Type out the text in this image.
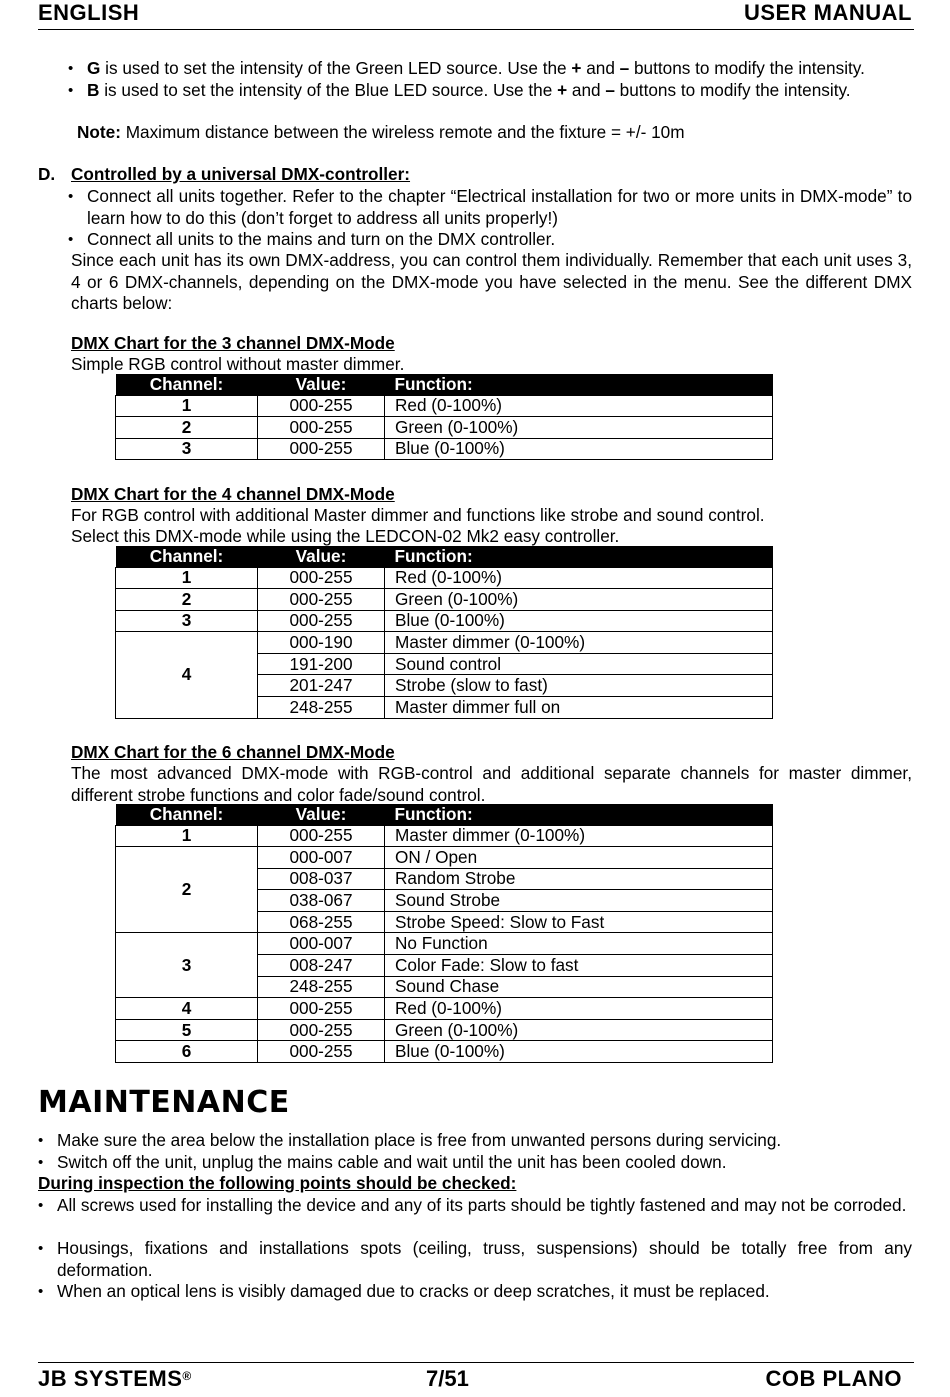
ENGLISH	USER MANUAL
• G is used to set the intensity of the Green LED source. Use the + and – buttons to modify the intensity.
• B is used to set the intensity of the Blue LED source. Use the + and – buttons to modify the intensity.
Note: Maximum distance between the wireless remote and the fixture = +/- 10m
D. Controlled by a universal DMX-controller:
• Connect all units together. Refer to the chapter “Electrical installation for two or more units in DMX-mode” to learn how to do this (don’t forget to address all units properly!)
• Connect all units to the mains and turn on the DMX controller.
Since each unit has its own DMX-address, you can control them individually. Remember that each unit uses 3, 4 or 6 DMX-channels, depending on the DMX-mode you have selected in the menu. See the different DMX charts below:
DMX Chart for the 3 channel DMX-Mode
Simple RGB control without master dimmer.
Channel:	Value:	Function:
1	000-255	Red (0-100%)
2	000-255	Green (0-100%)
3	000-255	Blue (0-100%)
DMX Chart for the 4 channel DMX-Mode
For RGB control with additional Master dimmer and functions like strobe and sound control.
Select this DMX-mode while using the LEDCON-02 Mk2 easy controller.
Channel:	Value:	Function:
1	000-255	Red (0-100%)
2	000-255	Green (0-100%)
3	000-255	Blue (0-100%)
4	000-190	Master dimmer (0-100%)
	191-200	Sound control
	201-247	Strobe (slow to fast)
	248-255	Master dimmer full on
DMX Chart for the 6 channel DMX-Mode
The most advanced DMX-mode with RGB-control and additional separate channels for master dimmer, different strobe functions and color fade/sound control.
Channel:	Value:	Function:
1	000-255	Master dimmer (0-100%)
2	000-007	ON / Open
	008-037	Random Strobe
	038-067	Sound Strobe
	068-255	Strobe Speed: Slow to Fast
3	000-007	No Function
	008-247	Color Fade: Slow to fast
	248-255	Sound Chase
4	000-255	Red (0-100%)
5	000-255	Green (0-100%)
6	000-255	Blue (0-100%)
MAINTENANCE
• Make sure the area below the installation place is free from unwanted persons during servicing.
• Switch off the unit, unplug the mains cable and wait until the unit has been cooled down.
During inspection the following points should be checked:
• All screws used for installing the device and any of its parts should be tightly fastened and may not be corroded.
• Housings, fixations and installations spots (ceiling, truss, suspensions) should be totally free from any deformation.
• When an optical lens is visibly damaged due to cracks or deep scratches, it must be replaced.
JB SYSTEMS®	7/51	COB PLANO
